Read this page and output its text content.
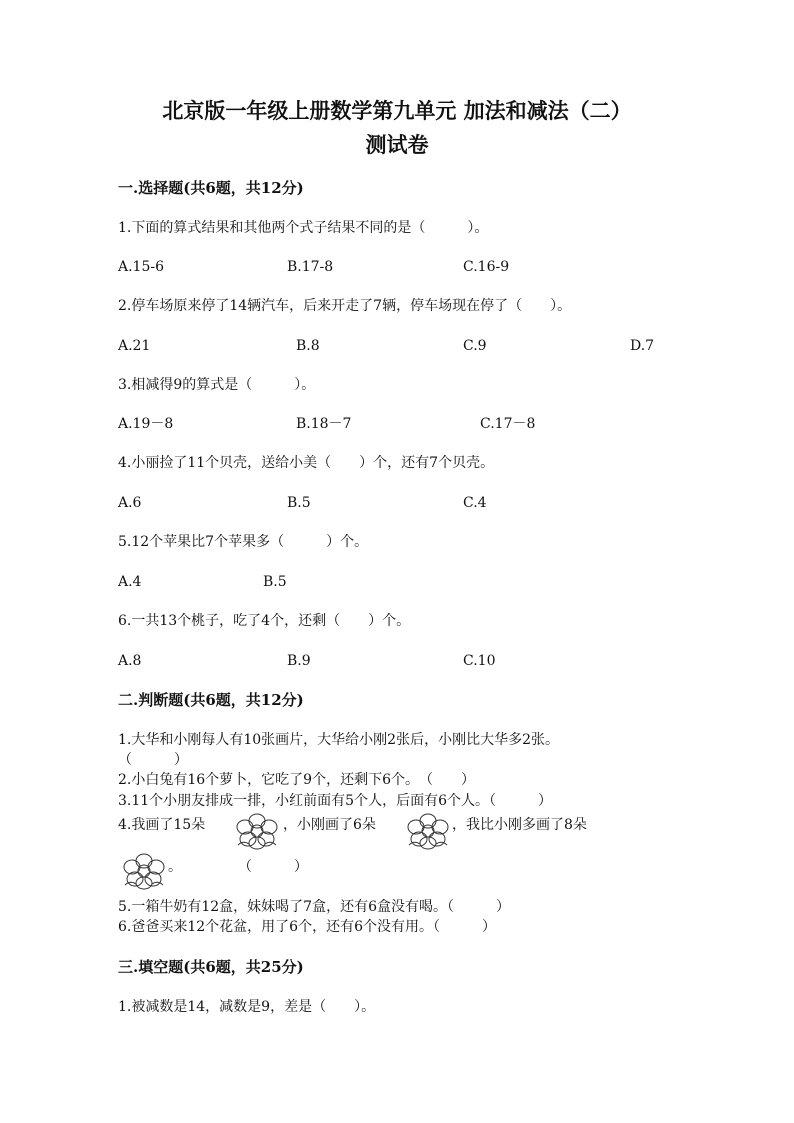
北京版一年级上册数学第九单元 加法和减法（二）
测试卷
一.选择题(共6题，共12分)
1.下面的算式结果和其他两个式子结果不同的是（　　　）。
A.15-6	B.17-8	C.16-9
2.停车场原来停了14辆汽车，后来开走了7辆，停车场现在停了（　　）。
A.21	B.8	C.9	D.7
3.相减得9的算式是（　　　）。
A.19－8	B.18－7	C.17－8
4.小丽捡了11个贝壳，送给小美（　　）个，还有7个贝壳。
A.6	B.5	C.4
5.12个苹果比7个苹果多（　　　）个。
A.4	B.5
6.一共13个桃子，吃了4个，还剩（　　）个。
A.8	B.9	C.10
二.判断题(共6题，共12分)
1.大华和小刚每人有10张画片，大华给小刚2张后，小刚比大华多2张。
（　　　）
2.小白兔有16个萝卜，它吃了9个，还剩下6个。　（　　）
3.11个小朋友排成一排，小红前面有5个人，后面有6个人。（　　　）
4.我画了15朵	，小刚画了6朵	，我比小刚多画了8朵
。　　　　　（　　　）
5.一箱牛奶有12盒，妹妹喝了7盒，还有6盒没有喝。（　　　）
6.爸爸买来12个花盆，用了6个，还有6个没有用。（　　　）
三.填空题(共6题，共25分)
1.被减数是14，减数是9，差是（　　）。
